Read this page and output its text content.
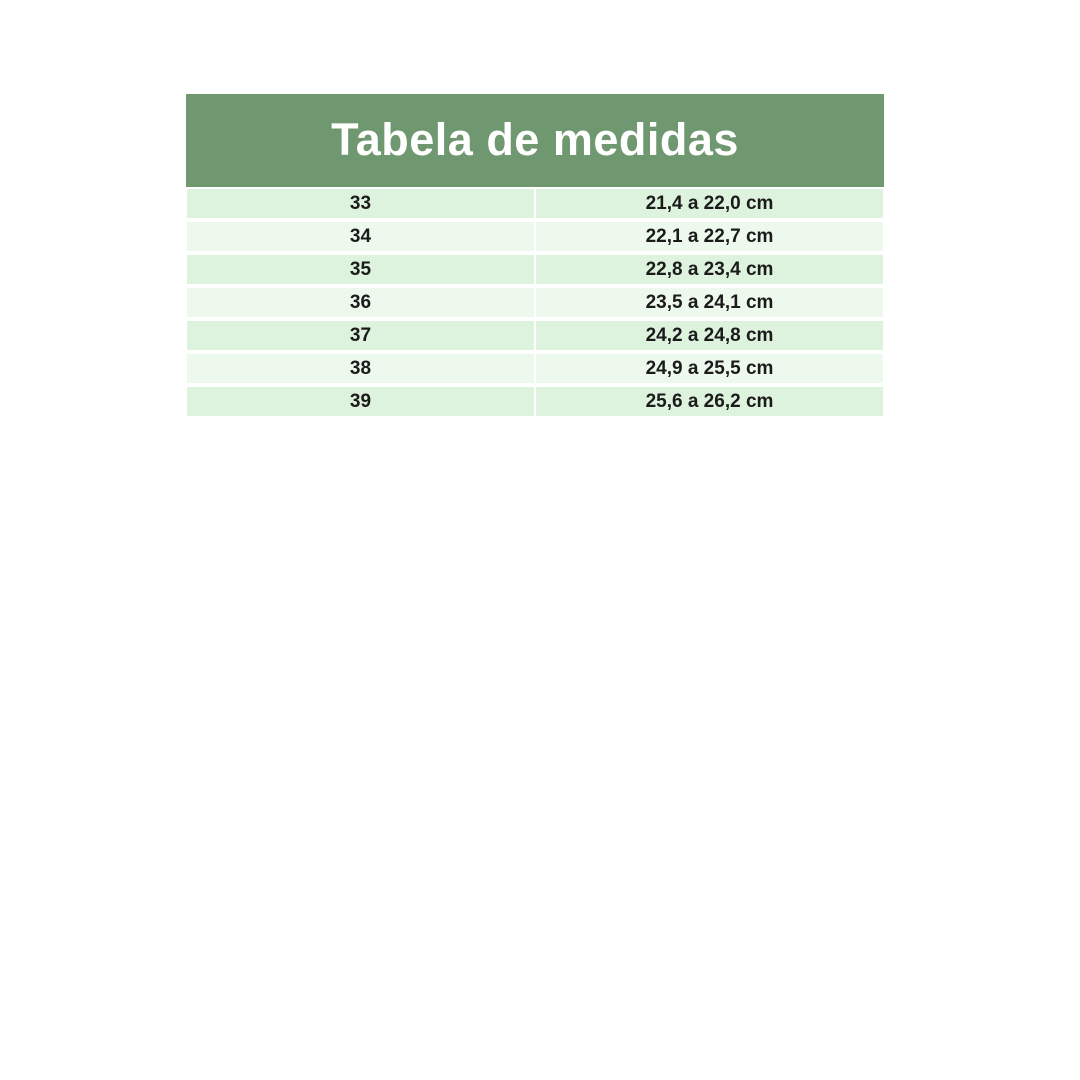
Tabela de medidas	

33	21,4 a 22,0 cm

34	22,1 a 22,7 cm

35	22,8 a 23,4 cm

36	23,5 a 24,1 cm

37	24,2 a 24,8 cm

38	24,9 a 25,5 cm

39	25,6 a 26,2 cm
